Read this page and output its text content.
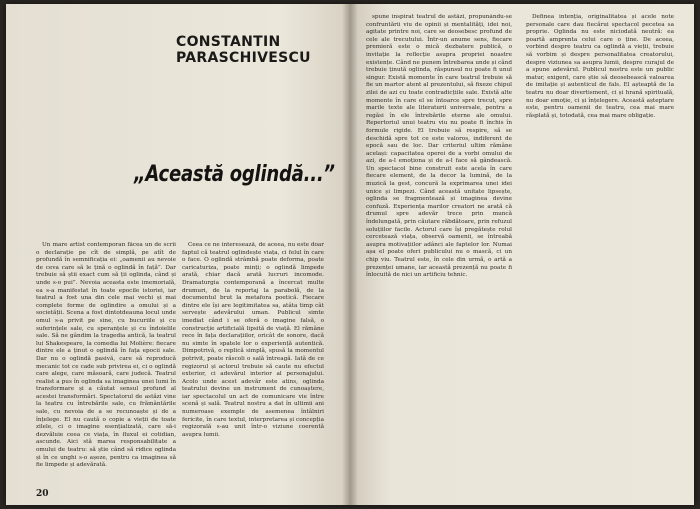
CONSTANTIN
PARASCHIVESCU
„Această oglindă...”

Un mare artist contemporan făcea un de scrii o declarație pe cît de simplă, pe atît de profundă în semnificația ei: „oamenii au nevoie de ceva care să le țină o oglindă în față”. Dar trebuie să știi exact cum să ții oglinda, când și unde s-o pui”. Nevoia aceasta este imemorială, ea s-a manifestat în toate epocile istoriei, iar teatrul a fost una din cele mai vechi și mai complete forme de oglindire a omului și a societății. Scena a fost dintotdeauna locul unde omul s-a privit pe sine, cu bucuriile și cu suferințele sale, cu speranțele și cu îndoielile sale. Să ne gândim la tragedia antică, la teatrul lui Shakespeare, la comedia lui Molière: fiecare dintre ele a ținut o oglindă în fața epocii sale. Dar nu o oglindă pasivă, care să reproducă mecanic tot ce cade sub privirea ei, ci o oglindă care alege, care măsoară, care judecă. Teatrul realist a pus în oglinda sa imaginea unei lumi în transformare și a căutat sensul profund al acestei transformări. Spectatorul de astăzi vine la teatru cu întrebările sale, cu frământările sale, cu nevoia de a se recunoaște și de a înțelege. El nu caută o copie a vieții de toate zilele, ci o imagine esențializată, care să-i dezvăluie ceea ce viața, în fluxul ei cotidian, ascunde. Aici stă marea responsabilitate a omului de teatru: să știe când să ridice oglinda și în ce unghi s-o așeze, pentru ca imaginea să fie limpede și adevărată.

Ceea ce ne interesează, de aceea, nu este doar faptul că teatrul oglindește viața, ci felul în care o face. O oglindă strâmbă poate deforma, poate caricaturiza, poate minți; o oglindă limpede arată, chiar dacă arată lucruri incomode. Dramaturgia contemporană a încercat multe drumuri, de la reportaj la parabolă, de la documentul brut la metafora poetică. Fiecare dintre ele își are legitimitatea sa, atâta timp cât servește adevărului uman. Publicul simte imediat când i se oferă o imagine falsă, o construcție artificială lipsită de viață. El rămâne rece în fața declarațiilor, oricât de sonore, dacă nu simte în spatele lor o experiență autentică. Dimpotrivă, o replică simplă, spusă la momentul potrivit, poate răscoli o sală întreagă. Iată de ce regizorul și actorul trebuie să caute nu efectul exterior, ci adevărul interior al personajului. Acolo unde acest adevăr este atins, oglinda teatrului devine un instrument de cunoaștere, iar spectacolul un act de comunicare vie între scenă și sală. Teatrul nostru a dat în ultimii ani numeroase exemple de asemenea întâlniri fericite, în care textul, interpretarea și concepția regizorală s-au unit într-o viziune coerentă asupra lumii.

20

spune inspirat teatrul de astăzi, propunându-se confruntării viu de opinii și mentalități, idei noi, agitate printre noi, care se deosebesc profund de cele ale trecutului. Într-un anume sens, fiecare premieră este o mică dezbatere publică, o invitație la reflecție asupra propriei noastre existențe. Când ne punem întrebarea unde și când trebuie ținută oglinda, răspunsul nu poate fi unul singur. Există momente în care teatrul trebuie să fie un martor atent al prezentului, să fixeze chipul zilei de azi cu toate contradicțiile sale. Există alte momente în care el se întoarce spre trecut, spre marile texte ale literaturii universale, pentru a regăsi în ele întrebările eterne ale omului. Repertoriul unui teatru viu nu poate fi închis în formule rigide. El trebuie să respire, să se deschidă spre tot ce este valoros, indiferent de epocă sau de loc. Dar criteriul ultim rămâne același: capacitatea operei de a vorbi omului de azi, de a-l emoționa și de a-l face să gândească. Un spectacol bine construit este acela în care fiecare element, de la decor la lumină, de la muzică la gest, concură la exprimarea unei idei unice și limpezi. Când această unitate lipsește, oglinda se fragmentează și imaginea devine confuză. Experiența marilor creatori ne arată că drumul spre adevăr trece prin muncă îndelungată, prin căutare răbdătoare, prin refuzul soluțiilor facile. Actorul care își pregătește rolul cercetează viața, observă oamenii, se întreabă asupra motivațiilor adânci ale faptelor lor. Numai așa el poate oferi publicului nu o mască, ci un chip viu. Teatrul este, în cele din urmă, o artă a prezenței umane, iar această prezență nu poate fi înlocuită de nici un artificiu tehnic.

Definea intenția, originalitatea și acele note personale care dau fiecărui spectacol pecetea sa proprie. Oglinda nu este niciodată neutră: ea poartă amprenta celui care o ține. De aceea, vorbind despre teatru ca oglindă a vieții, trebuie să vorbim și despre personalitatea creatorului, despre viziunea sa asupra lumii, despre curajul de a spune adevărul. Publicul nostru este un public matur, exigent, care știe să deosebească valoarea de imitație și autenticul de fals. El așteaptă de la teatru nu doar divertisment, ci și hrană spirituală, nu doar emoție, ci și înțelegere. Această așteptare este, pentru oamenii de teatru, cea mai mare răsplată și, totodată, cea mai mare obligație.
